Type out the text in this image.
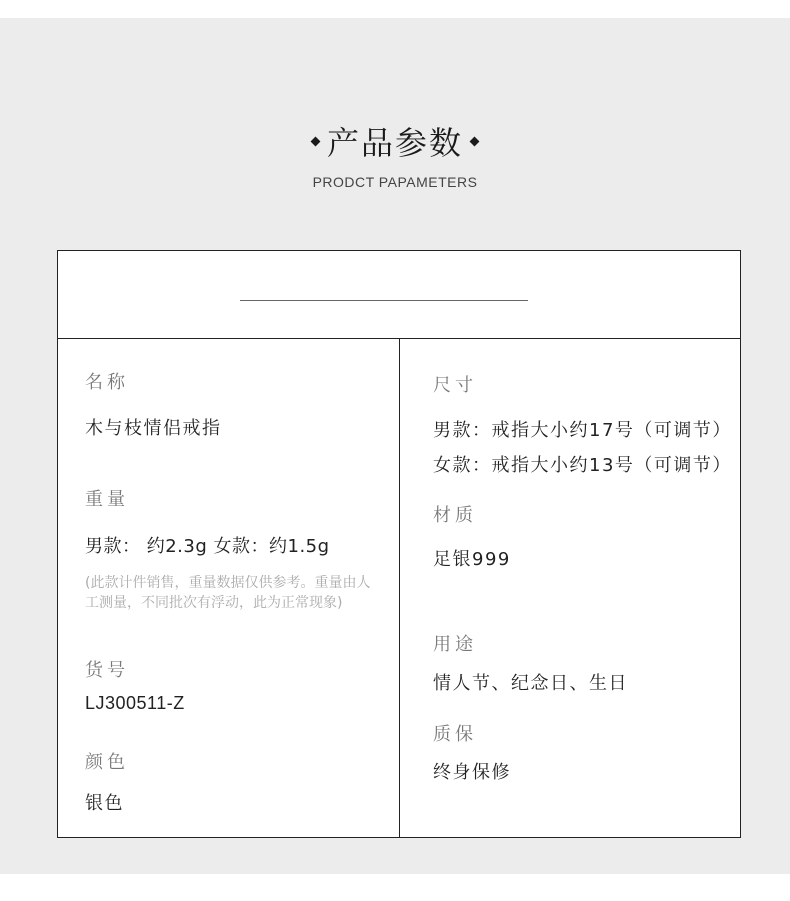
产品参数
PRODCT PAPAMETERS
名称
木与枝情侣戒指
重量
男款： 约2.3g 女款：约1.5g
(此款计件销售，重量数据仅供参考。重量由人工测量，不同批次有浮动，此为正常现象)
货号
LJ300511-Z
颜色
银色
尺寸
男款：戒指大小约17号（可调节）
女款：戒指大小约13号（可调节）
材质
足银999
用途
情人节、纪念日、生日
质保
终身保修
